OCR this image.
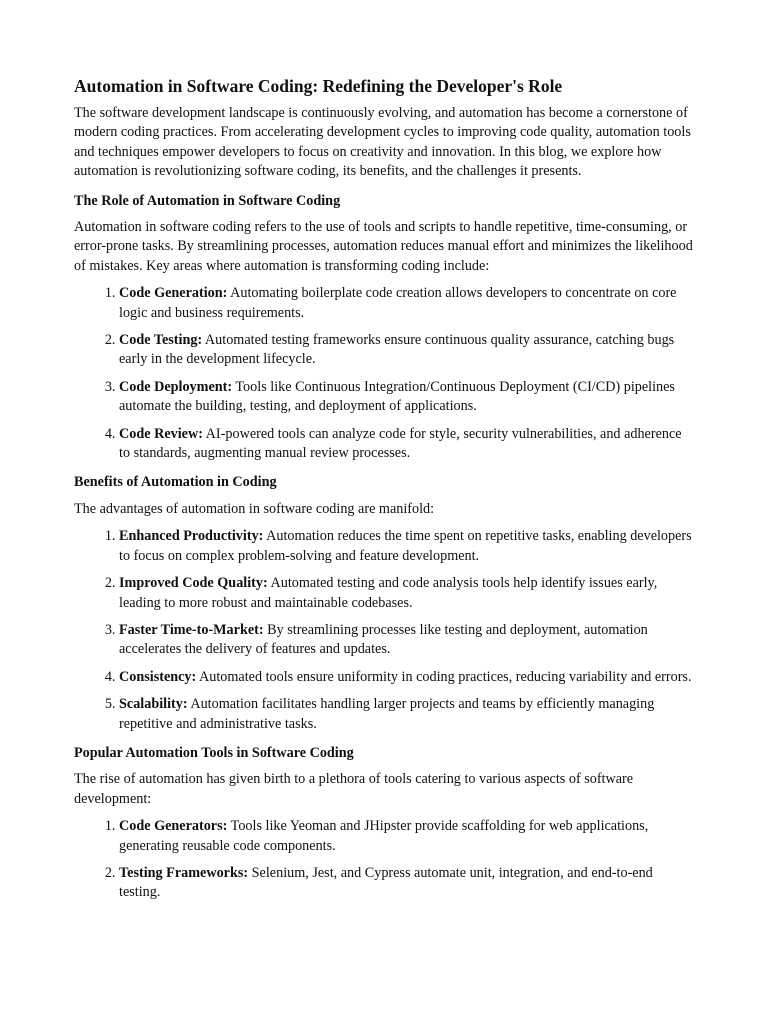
Automation in Software Coding: Redefining the Developer's Role

The software development landscape is continuously evolving, and automation has become a cornerstone of modern coding practices. From accelerating development cycles to improving code quality, automation tools and techniques empower developers to focus on creativity and innovation. In this blog, we explore how automation is revolutionizing software coding, its benefits, and the challenges it presents.

The Role of Automation in Software Coding

Automation in software coding refers to the use of tools and scripts to handle repetitive, time-consuming, or error-prone tasks. By streamlining processes, automation reduces manual effort and minimizes the likelihood of mistakes. Key areas where automation is transforming coding include:

1. Code Generation: Automating boilerplate code creation allows developers to concentrate on core logic and business requirements.
2. Code Testing: Automated testing frameworks ensure continuous quality assurance, catching bugs early in the development lifecycle.
3. Code Deployment: Tools like Continuous Integration/Continuous Deployment (CI/CD) pipelines automate the building, testing, and deployment of applications.
4. Code Review: AI-powered tools can analyze code for style, security vulnerabilities, and adherence to standards, augmenting manual review processes.
Benefits of Automation in Coding

The advantages of automation in software coding are manifold:

1. Enhanced Productivity: Automation reduces the time spent on repetitive tasks, enabling developers to focus on complex problem-solving and feature development.
2. Improved Code Quality: Automated testing and code analysis tools help identify issues early, leading to more robust and maintainable codebases.
3. Faster Time-to-Market: By streamlining processes like testing and deployment, automation accelerates the delivery of features and updates.
4. Consistency: Automated tools ensure uniformity in coding practices, reducing variability and errors.
5. Scalability: Automation facilitates handling larger projects and teams by efficiently managing repetitive and administrative tasks.
Popular Automation Tools in Software Coding

The rise of automation has given birth to a plethora of tools catering to various aspects of software development:

1. Code Generators: Tools like Yeoman and JHipster provide scaffolding for web applications, generating reusable code components.
2. Testing Frameworks: Selenium, Jest, and Cypress automate unit, integration, and end-to-end testing.
